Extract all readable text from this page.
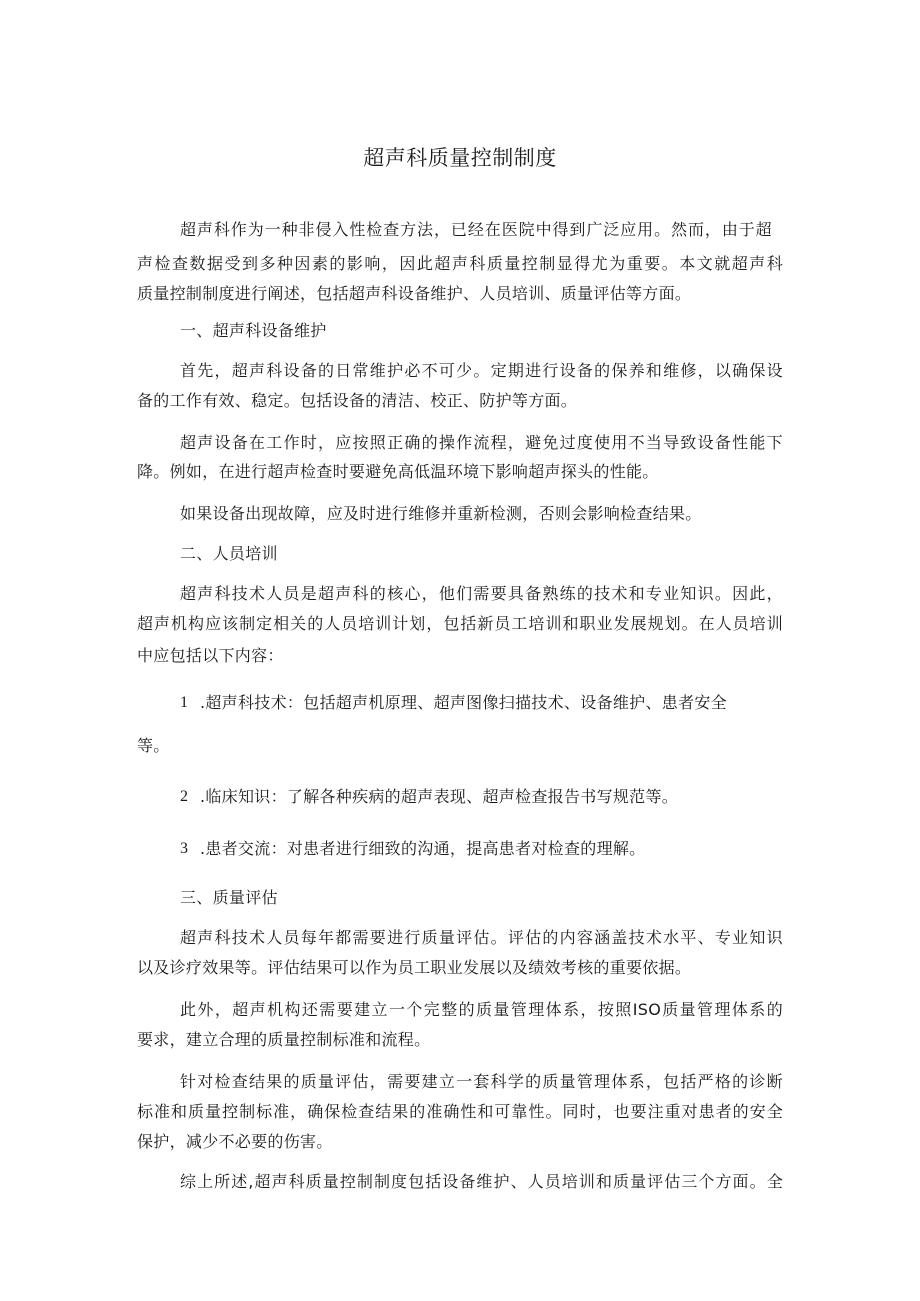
超声科质量控制制度
超声科作为一种非侵入性检查方法，已经在医院中得到广泛应用。然而，由于超
声检查数据受到多种因素的影响，因此超声科质量控制显得尤为重要。本文就超声科
质量控制制度进行阐述，包括超声科设备维护、人员培训、质量评估等方面。
一、超声科设备维护
首先，超声科设备的日常维护必不可少。定期进行设备的保养和维修，以确保设
备的工作有效、稳定。包括设备的清洁、校正、防护等方面。
超声设备在工作时，应按照正确的操作流程，避免过度使用不当导致设备性能下
降。例如，在进行超声检查时要避免高低温环境下影响超声探头的性能。
如果设备出现故障，应及时进行维修并重新检测，否则会影响检查结果。
二、人员培训
超声科技术人员是超声科的核心，他们需要具备熟练的技术和专业知识。因此，
超声机构应该制定相关的人员培训计划，包括新员工培训和职业发展规划。在人员培训
中应包括以下内容：
1 .超声科技术：包括超声机原理、超声图像扫描技术、设备维护、患者安全
等。
2 .临床知识：了解各种疾病的超声表现、超声检查报告书写规范等。
3 .患者交流：对患者进行细致的沟通，提高患者对检查的理解。
三、质量评估
超声科技术人员每年都需要进行质量评估。评估的内容涵盖技术水平、专业知识
以及诊疗效果等。评估结果可以作为员工职业发展以及绩效考核的重要依据。
此外，超声机构还需要建立一个完整的质量管理体系，按照ISO质量管理体系的
要求，建立合理的质量控制标准和流程。
针对检查结果的质量评估，需要建立一套科学的质量管理体系，包括严格的诊断
标准和质量控制标准，确保检查结果的准确性和可靠性。同时，也要注重对患者的安全
保护，减少不必要的伤害。
综上所述,超声科质量控制制度包括设备维护、人员培训和质量评估三个方面。全
